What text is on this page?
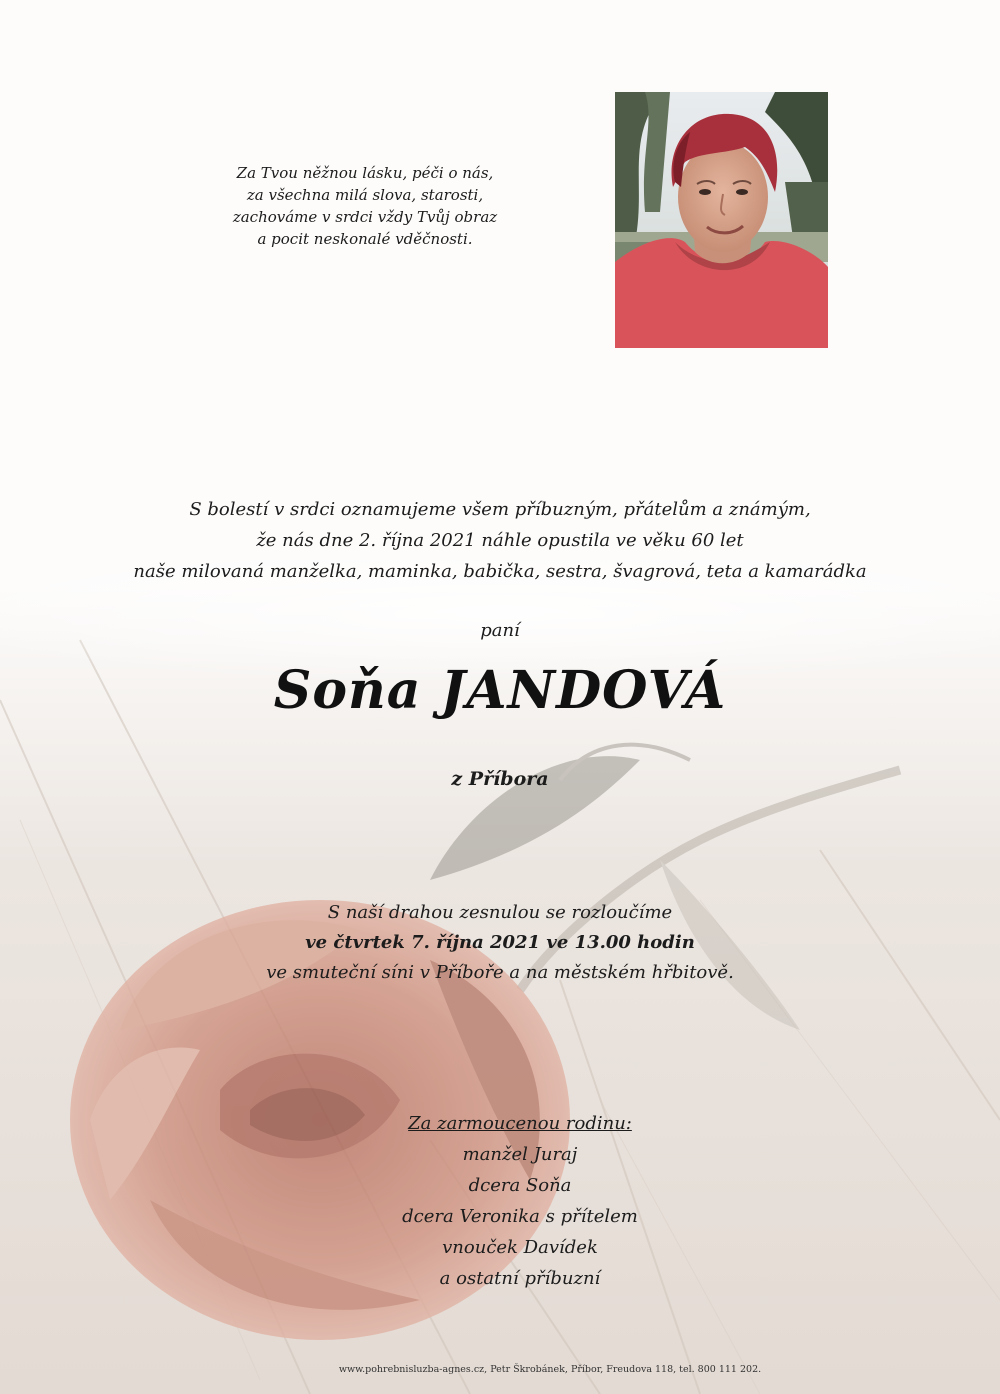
Za Tvou něžnou lásku, péči o nás,
za všechna milá slova, starosti,
zachováme v srdci vždy Tvůj obraz
a pocit neskonalé vděčnosti.
S bolestí v srdci oznamujeme všem příbuzným, přátelům a známým,
že nás dne 2. října 2021 náhle opustila ve věku 60 let
naše milovaná manželka, maminka, babička, sestra, švagrová, teta a kamarádka
paní
Soňa JANDOVÁ
z Příbora
S naší drahou zesnulou se rozloučíme
ve čtvrtek 7. října 2021 ve 13.00 hodin
ve smuteční síni v Příboře a na městském hřbitově.
Za zarmoucenou rodinu:
manžel Juraj
dcera Soňa
dcera Veronika s přítelem
vnouček Davídek
a ostatní příbuzní
www.pohrebnisluzba-agnes.cz, Petr Škrobánek, Příbor, Freudova 118, tel. 800 111 202.
